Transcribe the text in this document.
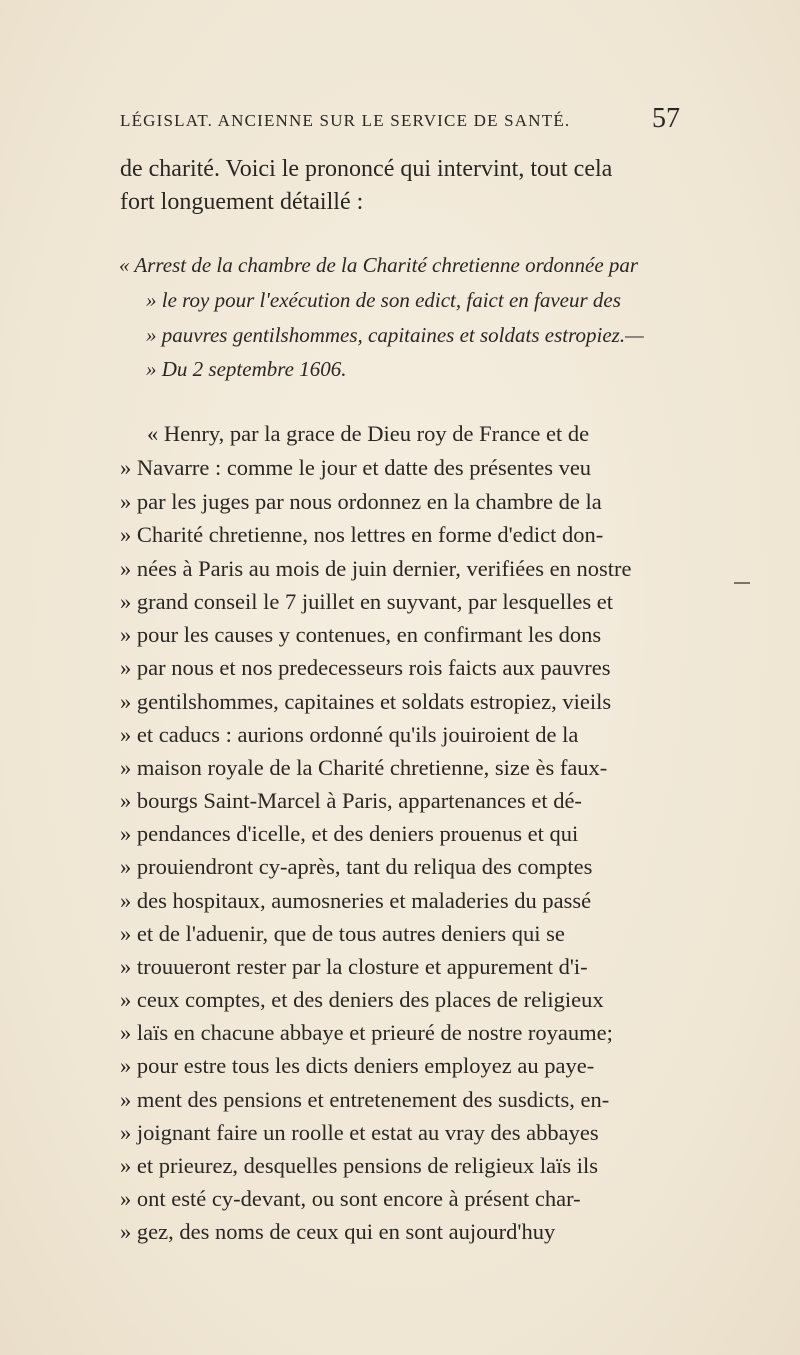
LÉGISLAT. ANCIENNE SUR LE SERVICE DE SANTÉ.	57
de charité. Voici le prononcé qui intervint, tout cela
fort longuement détaillé :
« Arrest de la chambre de la Charité chretienne ordonnée par
» le roy pour l'exécution de son edict, faict en faveur des
» pauvres gentilshommes, capitaines et soldats estropiez.—
» Du 2 septembre 1606.
« Henry, par la grace de Dieu roy de France et de
» Navarre : comme le jour et datte des présentes veu
» par les juges par nous ordonnez en la chambre de la
» Charité chretienne, nos lettres en forme d'edict don-
» nées à Paris au mois de juin dernier, verifiées en nostre
» grand conseil le 7 juillet en suyvant, par lesquelles et
» pour les causes y contenues, en confirmant les dons
» par nous et nos predecesseurs rois faicts aux pauvres
» gentilshommes, capitaines et soldats estropiez, vieils
» et caducs : aurions ordonné qu'ils jouiroient de la
» maison royale de la Charité chretienne, size ès faux-
» bourgs Saint-Marcel à Paris, appartenances et dé-
» pendances d'icelle, et des deniers prouenus et qui
» prouiendront cy-après, tant du reliqua des comptes
» des hospitaux, aumosneries et maladeries du passé
» et de l'aduenir, que de tous autres deniers qui se
» trouueront rester par la closture et appurement d'i-
» ceux comptes, et des deniers des places de religieux
» laïs en chacune abbaye et prieuré de nostre royaume;
» pour estre tous les dicts deniers employez au paye-
» ment des pensions et entretenement des susdicts, en-
» joignant faire un roolle et estat au vray des abbayes
» et prieurez, desquelles pensions de religieux laïs ils
» ont esté cy-devant, ou sont encore à présent char-
» gez, des noms de ceux qui en sont aujourd'huy
